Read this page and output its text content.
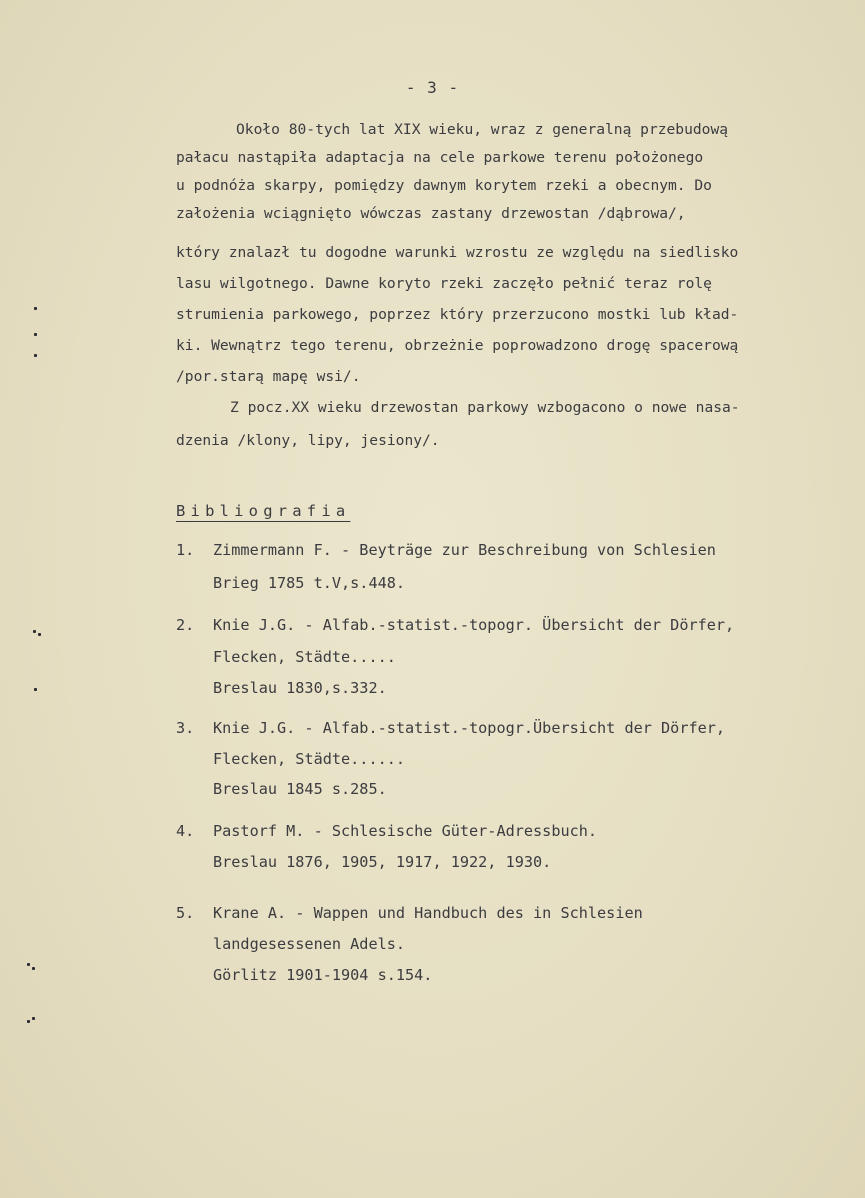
- 3 -
Około 80-tych lat XIX wieku, wraz z generalną przebudową
pałacu nastąpiła adaptacja na cele parkowe terenu położonego
u podnóża skarpy, pomiędzy dawnym korytem rzeki a obecnym. Do
założenia wciągnięto wówczas zastany drzewostan /dąbrowa/,
który znalazł tu dogodne warunki wzrostu ze względu na siedlisko
lasu wilgotnego. Dawne koryto rzeki zaczęło pełnić teraz rolę
strumienia parkowego, poprzez który przerzucono mostki lub kład-
ki. Wewnątrz tego terenu, obrzeżnie poprowadzono drogę spacerową
/por.starą mapę wsi/.
Z pocz.XX wieku drzewostan parkowy wzbogacono o nowe nasa-
dzenia /klony, lipy, jesiony/.
Bibliografia
1. Zimmermann F. - Beyträge zur Beschreibung von Schlesien
Brieg 1785 t.V,s.448.
2. Knie J.G. - Alfab.-statist.-topogr. Übersicht der Dörfer,
Flecken, Städte.....
Breslau 1830,s.332.
3. Knie J.G. - Alfab.-statist.-topogr.Übersicht der Dörfer,
Flecken, Städte......
Breslau 1845 s.285.
4. Pastorf M. - Schlesische Güter-Adressbuch.
Breslau 1876, 1905, 1917, 1922, 1930.
5. Krane A. - Wappen und Handbuch des in Schlesien
landgesessenen Adels.
Görlitz 1901-1904 s.154.
